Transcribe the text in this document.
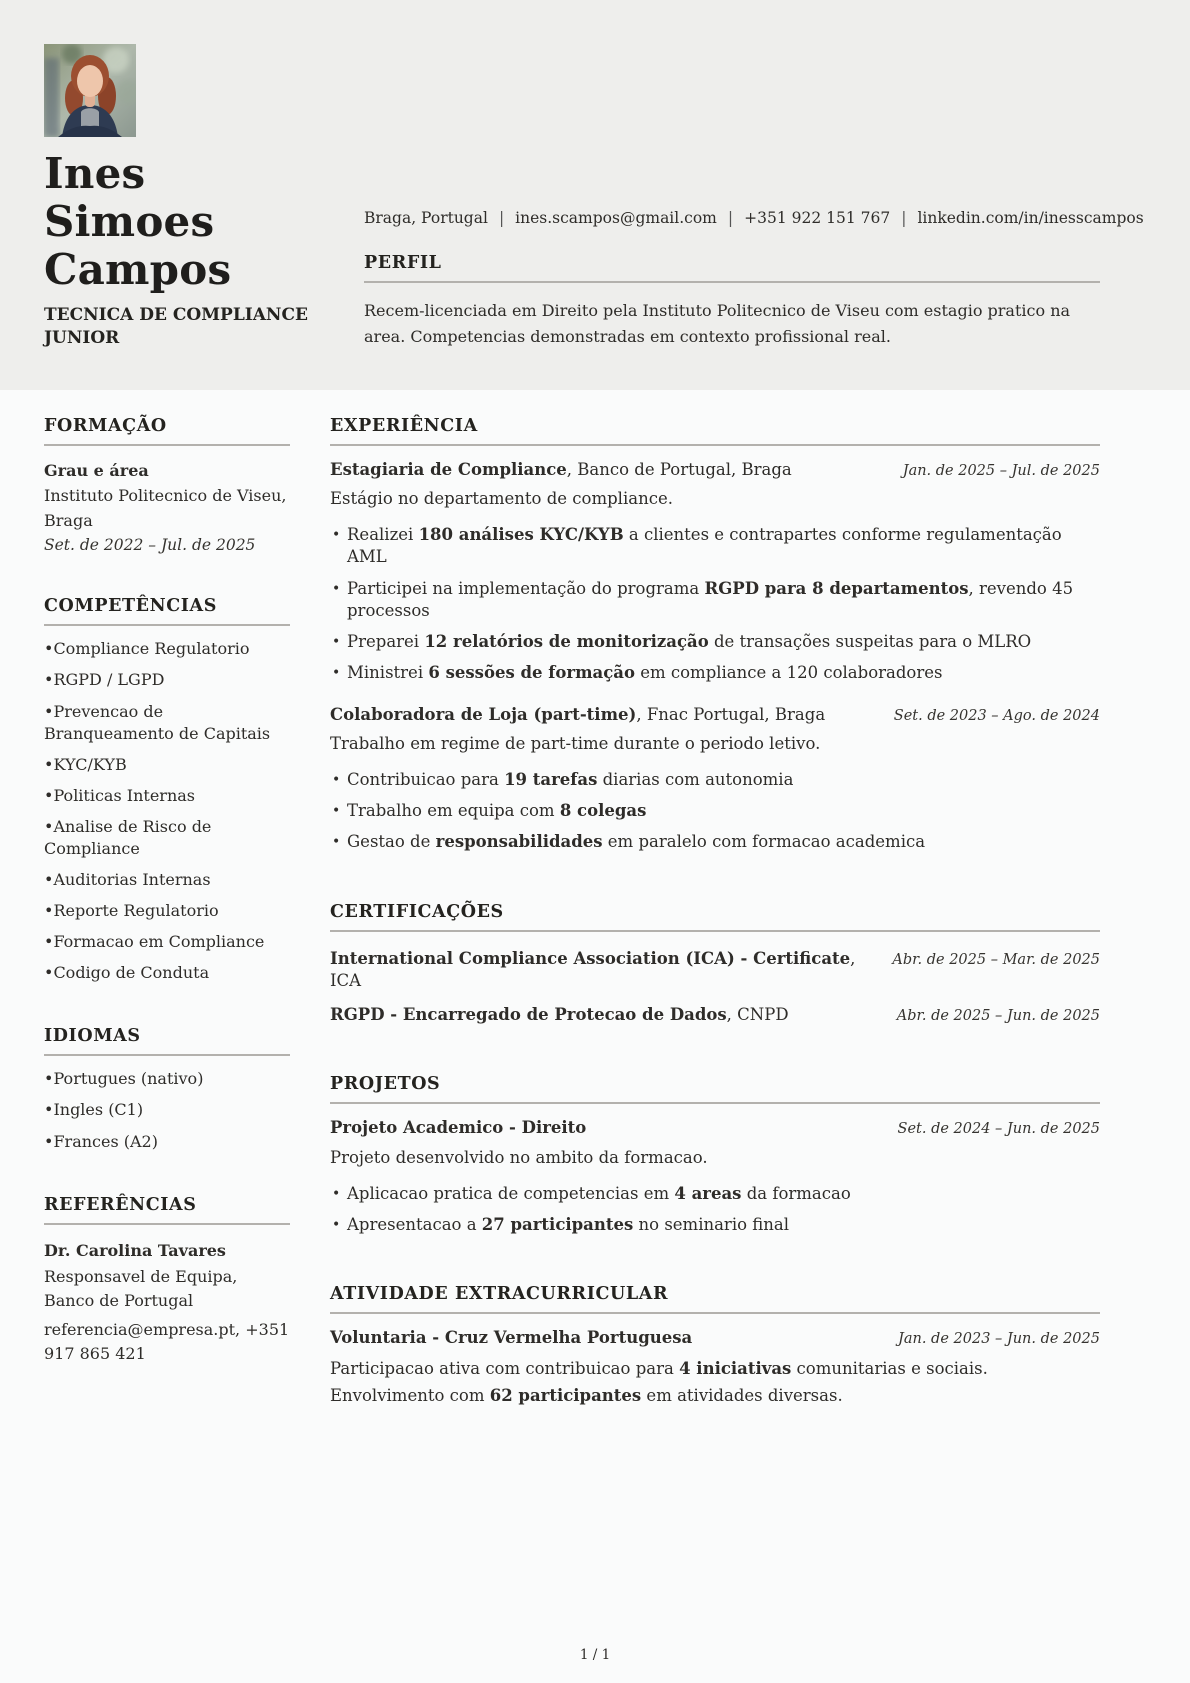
Ines Simoes Campos
TECNICA DE COMPLIANCE JUNIOR
Braga, Portugal | ines.scampos@gmail.com | +351 922 151 767 | linkedin.com/in/inesscampos
PERFIL

Recem-licenciada em Direito pela Instituto Politecnico de Viseu com estagio pratico na area. Competencias demonstradas em contexto profissional real.

FORMAÇÃO
Grau e área
Instituto Politecnico de Viseu, Braga
Set. de 2022 – Jul. de 2025
COMPETÊNCIAS
• Compliance Regulatorio
• RGPD / LGPD
• Prevencao de Branqueamento de Capitais
• KYC/KYB
• Politicas Internas
• Analise de Risco de Compliance
• Auditorias Internas
• Reporte Regulatorio
• Formacao em Compliance
• Codigo de Conduta
IDIOMAS
• Portugues (nativo)
• Ingles (C1)
• Frances (A2)
REFERÊNCIAS
Dr. Carolina Tavares
Responsavel de Equipa, Banco de Portugal
referencia@empresa.pt, +351 917 865 421
EXPERIÊNCIA
Estagiaria de Compliance, Banco de Portugal, Braga	Jan. de 2025 – Jul. de 2025
Estágio no departamento de compliance.
• Realizei 180 análises KYC/KYB a clientes e contrapartes conforme regulamentação AML
• Participei na implementação do programa RGPD para 8 departamentos, revendo 45 processos
• Preparei 12 relatórios de monitorização de transações suspeitas para o MLRO
• Ministrei 6 sessões de formação em compliance a 120 colaboradores
Colaboradora de Loja (part-time), Fnac Portugal, Braga	Set. de 2023 – Ago. de 2024
Trabalho em regime de part-time durante o periodo letivo.
• Contribuicao para 19 tarefas diarias com autonomia
• Trabalho em equipa com 8 colegas
• Gestao de responsabilidades em paralelo com formacao academica
CERTIFICAÇÕES
International Compliance Association (ICA) - Certificate, ICA
Abr. de 2025 – Mar. de 2025
RGPD - Encarregado de Protecao de Dados, CNPD	Abr. de 2025 – Jun. de 2025
PROJETOS
Projeto Academico - Direito	Set. de 2024 – Jun. de 2025
Projeto desenvolvido no ambito da formacao.
• Aplicacao pratica de competencias em 4 areas da formacao
• Apresentacao a 27 participantes no seminario final
ATIVIDADE EXTRACURRICULAR
Voluntaria - Cruz Vermelha Portuguesa	Jan. de 2023 – Jun. de 2025
Participacao ativa com contribuicao para 4 iniciativas comunitarias e sociais. Envolvimento com 62 participantes em atividades diversas.
1 / 1
